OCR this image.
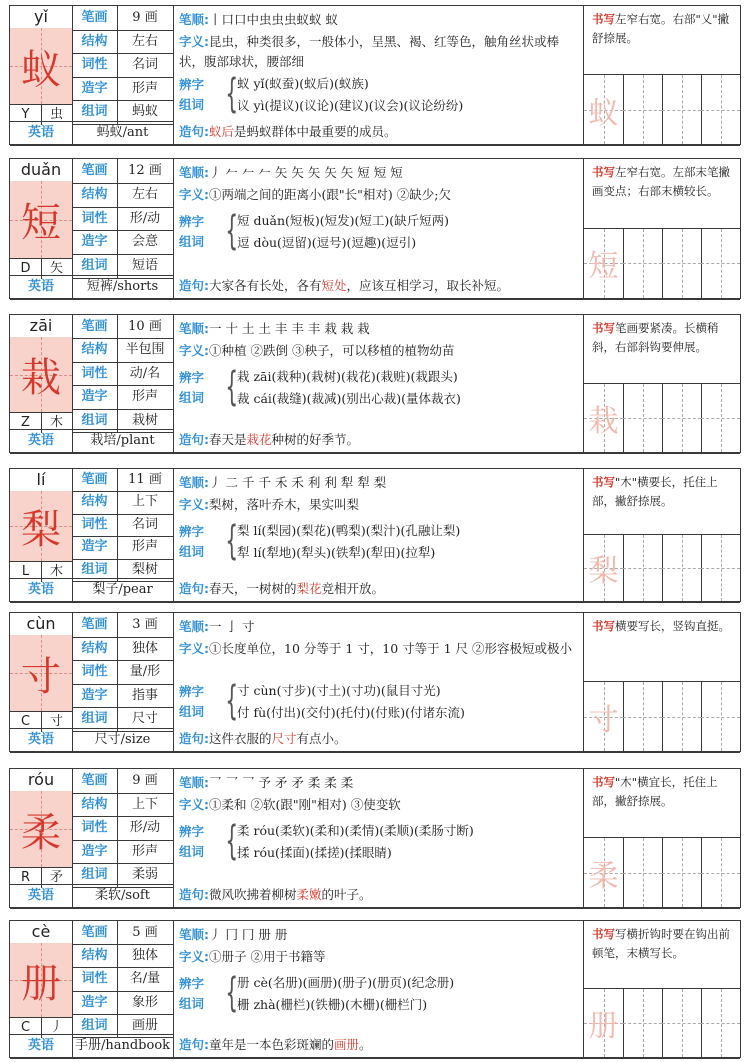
yǐ
蚁
Y	虫
笔画	9 画
结构	左右
词性	名词
造字	形声
组词	蚂蚁
英语	蚂蚁/ant
笔顺:丨口口中虫虫虫蚁蚁 蚁
字义:昆虫，种类很多，一般体小，呈黑、褐、红等色，触角丝状或棒状，腹部球状，腰部细
蚁 yǐ(蚁蚕)(蚁后)(蚁族)
议 yì(提议)(议论)(建议)(议会)(议论纷纷)
辨字
组词 {
造句:蚁后是蚂蚁群体中最重要的成员。
书写左窄右宽。右部"乂"撇舒捺展。
蚁
duǎn
短
D	矢
笔画	12 画
结构	左右
词性	形/动
造字	会意
组词	短语
英语	短裤/shorts
笔顺:丿 𠂉 𠂉 𠂉 矢 矢 矢 矢 矢 短 短 短
字义:①两端之间的距离小(跟"长"相对) ②缺少;欠
短 duǎn(短板)(短发)(短工)(缺斤短两)
逗 dòu(逗留)(逗号)(逗趣)(逗引)
辨字
组词 {
造句:大家各有长处，各有短处，应该互相学习，取长补短。
书写左窄右宽。左部末笔撇画变点；右部末横较长。
短
zāi
栽
Z	木
笔画	10 画
结构	半包围
词性	动/名
造字	形声
组词	栽树
英语	栽培/plant
笔顺:一 十 土 土 丰 丰 丰 栽 栽 栽
字义:①种植 ②跌倒 ③秧子，可以移植的植物幼苗
栽 zāi(栽种)(栽树)(栽花)(栽赃)(栽跟头)
裁 cái(裁缝)(裁减)(别出心裁)(量体裁衣)
辨字
组词 {
造句:春天是栽花种树的好季节。
书写笔画要紧凑。长横稍斜，右部斜钩要伸展。
栽
lí
梨
L	木
笔画	11 画
结构	上下
词性	名词
造字	形声
组词	梨树
英语	梨子/pear
笔顺:丿 二 千 千 禾 禾 利 利 犁 犁 梨
字义:梨树，落叶乔木，果实叫梨
梨 lí(梨园)(梨花)(鸭梨)(梨汁)(孔融让梨)
犁 lí(犁地)(犁头)(铁犁)(犁田)(拉犁)
辨字
组词 {
造句:春天，一树树的梨花竞相开放。
书写"木"横要长，托住上部，撇舒捺展。
梨
cùn
寸
C	寸
笔画	3 画
结构	独体
词性	量/形
造字	指事
组词	尺寸
英语	尺寸/size
笔顺:一 亅 寸
字义:①长度单位，10 分等于 1 寸，10 寸等于 1 尺 ②形容极短或极小
寸 cùn(寸步)(寸土)(寸功)(鼠目寸光)
付 fù(付出)(交付)(托付)(付账)(付诸东流)
辨字
组词 {
造句:这件衣服的尺寸有点小。
书写横要写长，竖钩直挺。
寸
róu
柔
R	矛
笔画	9 画
结构	上下
词性	形/动
造字	形声
组词	柔弱
英语	柔软/soft
笔顺:乛 乛 乛 予 矛 矛 柔 柔 柔
字义:①柔和 ②软(跟"刚"相对) ③使变软
柔 róu(柔软)(柔和)(柔情)(柔顺)(柔肠寸断)
揉 róu(揉面)(揉搓)(揉眼睛)
辨字
组词 {
造句:微风吹拂着柳树柔嫩的叶子。
书写"木"横宜长，托住上部，撇舒捺展。
柔
cè
册
C	丿
笔画	5 画
结构	独体
词性	名/量
造字	象形
组词	画册
英语	手册/handbook
笔顺:丿 冂 冂 册 册
字义:①册子 ②用于书籍等
册 cè(名册)(画册)(册子)(册页)(纪念册)
栅 zhà(栅栏)(铁栅)(木栅)(栅栏门)
辨字
组词 {
造句:童年是一本色彩斑斓的画册。
书写写横折钩时要在钩出前顿笔，末横写长。
册
